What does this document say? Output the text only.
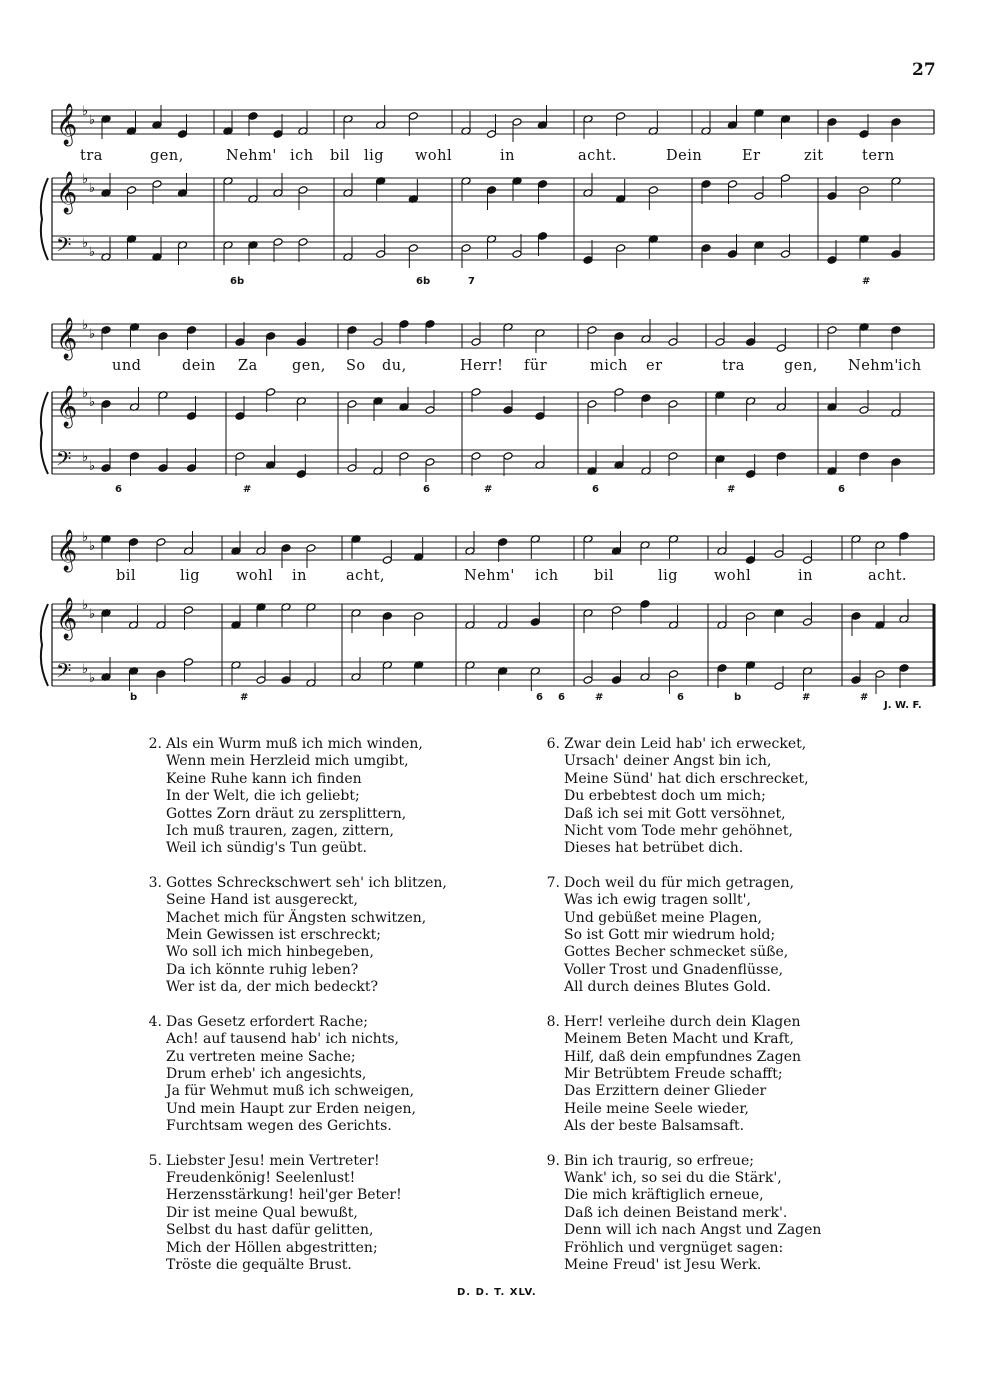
27
𝄞 ♭
♭
𝄞 ♭
♭
𝄢 ♭
♭
tra	gen,	Nehm' ich bil lig wohl	in	acht.	Dein	Er	zit	tern
6b	6b	7	#
𝄞 ♭
♭
𝄞 ♭
♭
𝄢 ♭
♭
und	dein Za gen, So du,	Herr! für	mich er	tra	gen, Nehm' ich
6	#	6	#	6	#	6
𝄞 ♭
♭
𝄞 ♭
♭
𝄢 ♭
♭
bil	lig wohl in	acht,	Nehm' ich bil	lig wohl	in	acht.
b	#	6 6	#	6	b	#	#
J. W. F.
2. Als ein Wurm muß ich mich winden,
Wenn mein Herzleid mich umgibt,
Keine Ruhe kann ich finden
In der Welt, die ich geliebt;
Gottes Zorn dräut zu zersplittern,
Ich muß trauren, zagen, zittern,
Weil ich sündig's Tun geübt.
3. Gottes Schreckschwert seh' ich blitzen,
Seine Hand ist ausgereckt,
Machet mich für Ängsten schwitzen,
Mein Gewissen ist erschreckt;
Wo soll ich mich hinbegeben,
Da ich könnte ruhig leben?
Wer ist da, der mich bedeckt?
4. Das Gesetz erfordert Rache;
Ach! auf tausend hab' ich nichts,
Zu vertreten meine Sache;
Drum erheb' ich angesichts,
Ja für Wehmut muß ich schweigen,
Und mein Haupt zur Erden neigen,
Furchtsam wegen des Gerichts.
5. Liebster Jesu! mein Vertreter!
Freudenkönig! Seelenlust!
Herzensstärkung! heil'ger Beter!
Dir ist meine Qual bewußt,
Selbst du hast dafür gelitten,
Mich der Höllen abgestritten;
Tröste die gequälte Brust.
6. Zwar dein Leid hab' ich erwecket,
Ursach' deiner Angst bin ich,
Meine Sünd' hat dich erschrecket,
Du erbebtest doch um mich;
Daß ich sei mit Gott versöhnet,
Nicht vom Tode mehr gehöhnet,
Dieses hat betrübet dich.
7. Doch weil du für mich getragen,
Was ich ewig tragen sollt',
Und gebüßet meine Plagen,
So ist Gott mir wiedrum hold;
Gottes Becher schmecket süße,
Voller Trost und Gnadenflüsse,
All durch deines Blutes Gold.
8. Herr! verleihe durch dein Klagen
Meinem Beten Macht und Kraft,
Hilf, daß dein empfundnes Zagen
Mir Betrübtem Freude schafft;
Das Erzittern deiner Glieder
Heile meine Seele wieder,
Als der beste Balsamsaft.
9. Bin ich traurig, so erfreue;
Wank' ich, so sei du die Stärk',
Die mich kräftiglich erneue,
Daß ich deinen Beistand merk'.
Denn will ich nach Angst und Zagen
Fröhlich und vergnüget sagen:
Meine Freud' ist Jesu Werk.
D. D. T. XLV.
